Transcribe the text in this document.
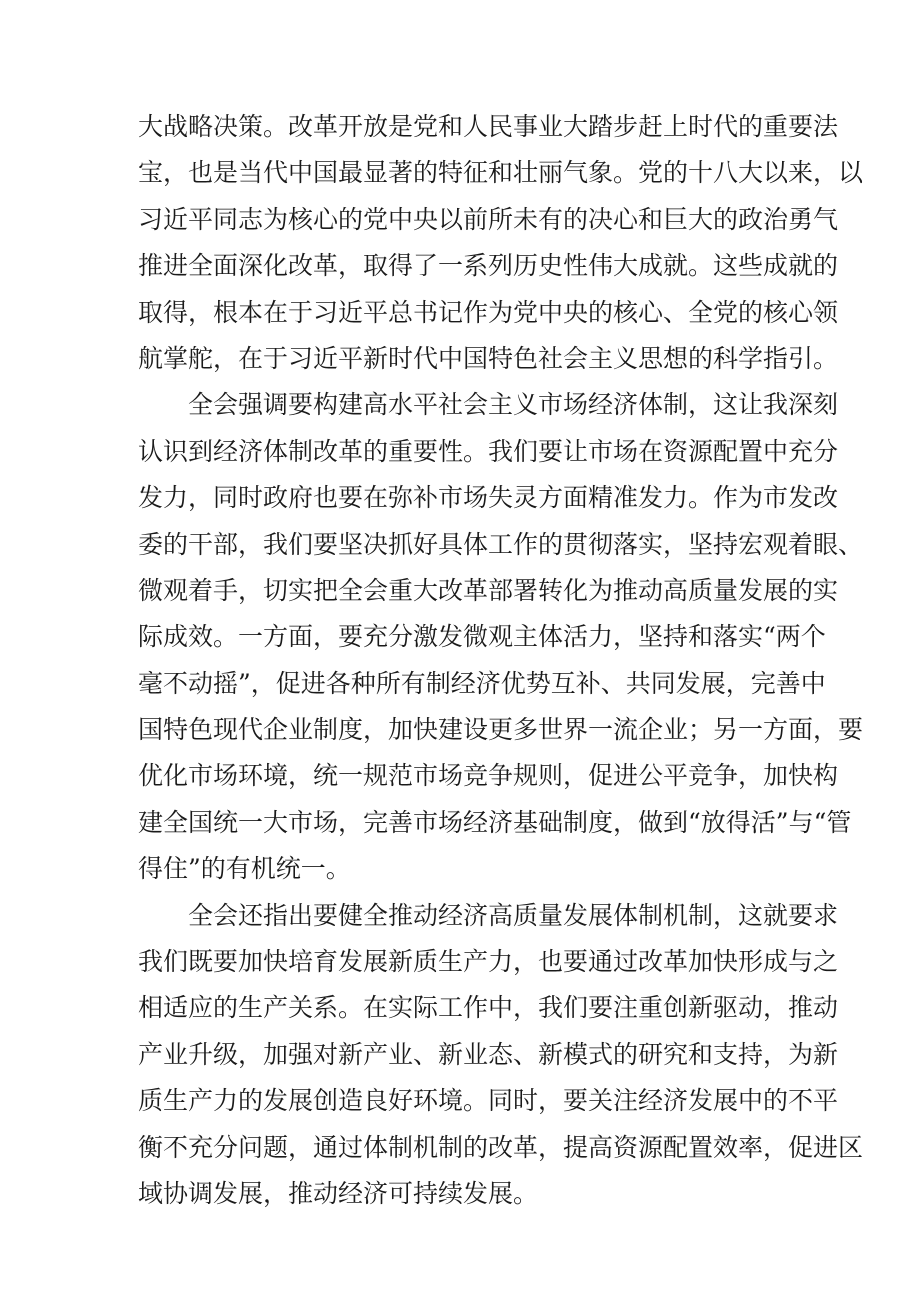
大战略决策。改革开放是党和人民事业大踏步赶上时代的重要法
宝，也是当代中国最显著的特征和壮丽气象。党的十八大以来，以
习近平同志为核心的党中央以前所未有的决心和巨大的政治勇气
推进全面深化改革，取得了一系列历史性伟大成就。这些成就的
取得，根本在于习近平总书记作为党中央的核心、全党的核心领
航掌舵，在于习近平新时代中国特色社会主义思想的科学指引。
全会强调要构建高水平社会主义市场经济体制，这让我深刻
认识到经济体制改革的重要性。我们要让市场在资源配置中充分
发力，同时政府也要在弥补市场失灵方面精准发力。作为市发改
委的干部，我们要坚决抓好具体工作的贯彻落实，坚持宏观着眼、
微观着手，切实把全会重大改革部署转化为推动高质量发展的实
际成效。一方面，要充分激发微观主体活力，坚持和落实“两个
毫不动摇”，促进各种所有制经济优势互补、共同发展，完善中
国特色现代企业制度，加快建设更多世界一流企业；另一方面，要
优化市场环境，统一规范市场竞争规则，促进公平竞争，加快构
建全国统一大市场，完善市场经济基础制度，做到“放得活”与“管
得住”的有机统一。
全会还指出要健全推动经济高质量发展体制机制，这就要求
我们既要加快培育发展新质生产力，也要通过改革加快形成与之
相适应的生产关系。在实际工作中，我们要注重创新驱动，推动
产业升级，加强对新产业、新业态、新模式的研究和支持，为新
质生产力的发展创造良好环境。同时，要关注经济发展中的不平
衡不充分问题，通过体制机制的改革，提高资源配置效率，促进区
域协调发展，推动经济可持续发展。
